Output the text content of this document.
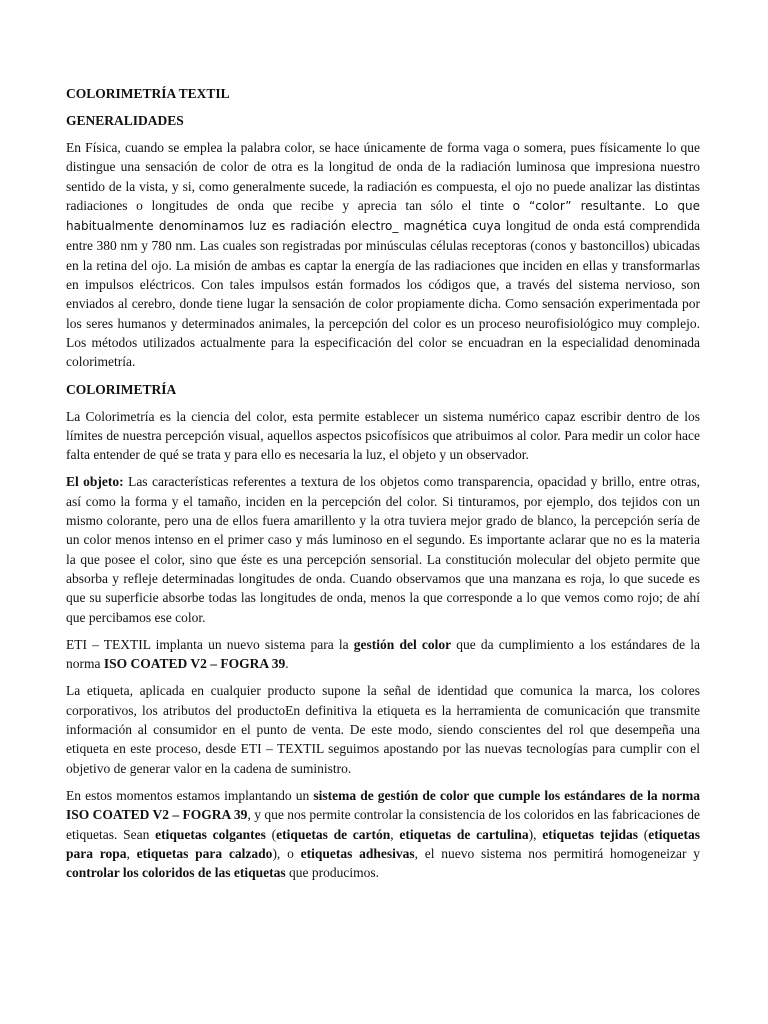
COLORIMETRÍA TEXTIL

GENERALIDADES

En Física, cuando se emplea la palabra color, se hace únicamente de forma vaga o somera, pues físicamente lo que distingue una sensación de color de otra es la longitud de onda de la radiación luminosa que impresiona nuestro sentido de la vista, y si, como generalmente sucede, la radiación es compuesta, el ojo no puede analizar las distintas radiaciones o longitudes de onda que recibe y aprecia tan sólo el tinte o “color” resultante. Lo que habitualmente denominamos luz es radiación electro_ magnética cuya longitud de onda está comprendida entre 380 nm y 780 nm. Las cuales son registradas por minúsculas células receptoras (conos y bastoncillos) ubicadas en la retina del ojo. La misión de ambas es captar la energía de las radiaciones que inciden en ellas y transformarlas en impulsos eléctricos. Con tales impulsos están formados los códigos que, a través del sistema nervioso, son enviados al cerebro, donde tiene lugar la sensación de color propiamente dicha. Como sensación experimentada por los seres humanos y determinados animales, la percepción del color es un proceso neurofisiológico muy complejo. Los métodos utilizados actualmente para la especificación del color se encuadran en la especialidad denominada colorimetría.

COLORIMETRÍA

La Colorimetría es la ciencia del color, esta permite establecer un sistema numérico capaz escribir dentro de los límites de nuestra percepción visual, aquellos aspectos psicofísicos que atribuimos al color. Para medir un color hace falta entender de qué se trata y para ello es necesaria la luz, el objeto y un observador.

El objeto: Las características referentes a textura de los objetos como transparencia, opacidad y brillo, entre otras, así como la forma y el tamaño, inciden en la percepción del color. Si tinturamos, por ejemplo, dos tejidos con un mismo colorante, pero una de ellos fuera amarillento y la otra tuviera mejor grado de blanco, la percepción sería de un color menos intenso en el primer caso y más luminoso en el segundo. Es importante aclarar que no es la materia la que posee el color, sino que éste es una percepción sensorial. La constitución molecular del objeto permite que absorba y refleje determinadas longitudes de onda. Cuando observamos que una manzana es roja, lo que sucede es que su superficie absorbe todas las longitudes de onda, menos la que corresponde a lo que vemos como rojo; de ahí que percibamos ese color.

ETI – TEXTIL implanta un nuevo sistema para la gestión del color que da cumplimiento a los estándares de la norma ISO COATED V2 – FOGRA 39.

La etiqueta, aplicada en cualquier producto supone la señal de identidad que comunica la marca, los colores corporativos, los atributos del productoEn definitiva la etiqueta es la herramienta de comunicación que transmite información al consumidor en el punto de venta. De este modo, siendo conscientes del rol que desempeña una etiqueta en este proceso, desde ETI – TEXTIL seguimos apostando por las nuevas tecnologías para cumplir con el objetivo de generar valor en la cadena de suministro.

En estos momentos estamos implantando un sistema de gestión de color que cumple los estándares de la norma ISO COATED V2 – FOGRA 39, y que nos permite controlar la consistencia de los coloridos en las fabricaciones de etiquetas. Sean etiquetas colgantes (etiquetas de cartón, etiquetas de cartulina), etiquetas tejidas (etiquetas para ropa, etiquetas para calzado), o etiquetas adhesivas, el nuevo sistema nos permitirá homogeneizar y controlar los coloridos de las etiquetas que producimos.
